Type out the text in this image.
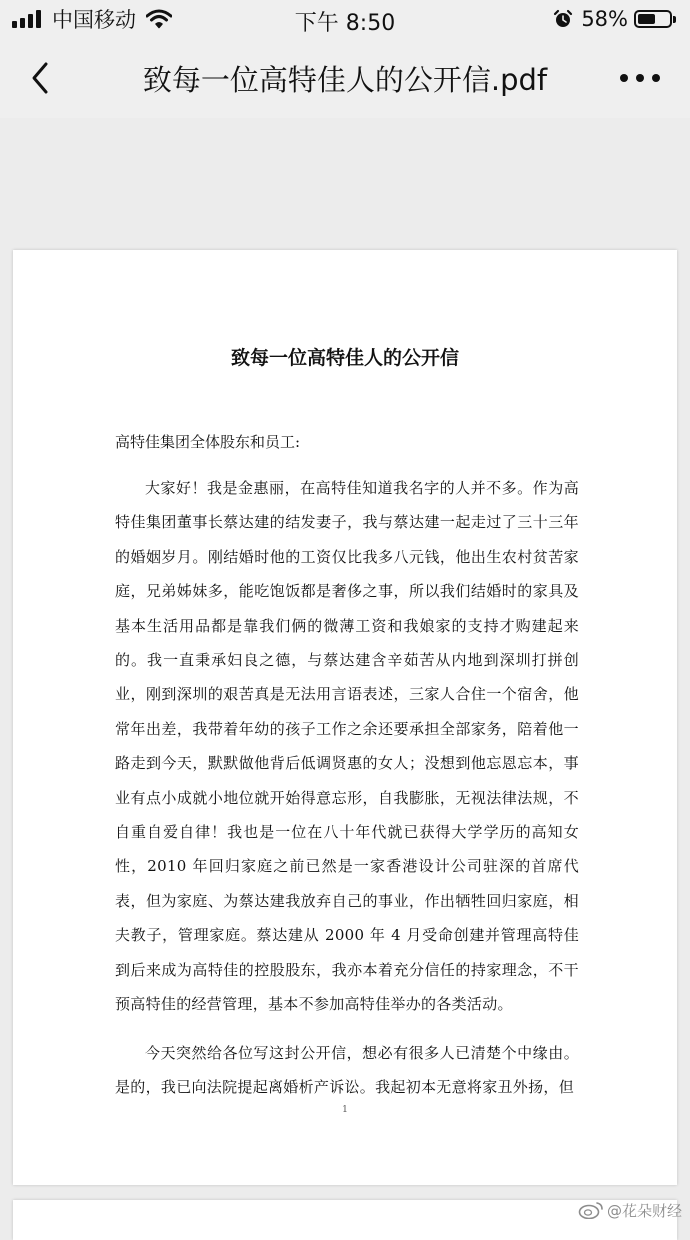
中国移动	下午 8:50	58%
致每一位高特佳人的公开信.pdf
致每一位高特佳人的公开信
高特佳集团全体股东和员工:

大家好！我是金惠丽，在高特佳知道我名字的人并不多。作为高特佳集团董事长蔡达建的结发妻子，我与蔡达建一起走过了三十三年的婚姻岁月。刚结婚时他的工资仅比我多八元钱，他出生农村贫苦家庭，兄弟姊妹多，能吃饱饭都是奢侈之事，所以我们结婚时的家具及基本生活用品都是靠我们俩的微薄工资和我娘家的支持才购建起来的。我一直秉承妇良之德，与蔡达建含辛茹苦从内地到深圳打拼创业，刚到深圳的艰苦真是无法用言语表述，三家人合住一个宿舍，他常年出差，我带着年幼的孩子工作之余还要承担全部家务，陪着他一路走到今天，默默做他背后低调贤惠的女人；没想到他忘恩忘本，事业有点小成就小地位就开始得意忘形，自我膨胀，无视法律法规，不自重自爱自律！我也是一位在八十年代就已获得大学学历的高知女性，2010 年回归家庭之前已然是一家香港设计公司驻深的首席代表，但为家庭、为蔡达建我放弃自己的事业，作出牺牲回归家庭，相夫教子，管理家庭。蔡达建从 2000 年 4 月受命创建并管理高特佳到后来成为高特佳的控股股东，我亦本着充分信任的持家理念，不干预高特佳的经营管理，基本不参加高特佳举办的各类活动。

今天突然给各位写这封公开信，想必有很多人已清楚个中缘由。是的，我已向法院提起离婚析产诉讼。我起初本无意将家丑外扬，但

1
@花朵财经
